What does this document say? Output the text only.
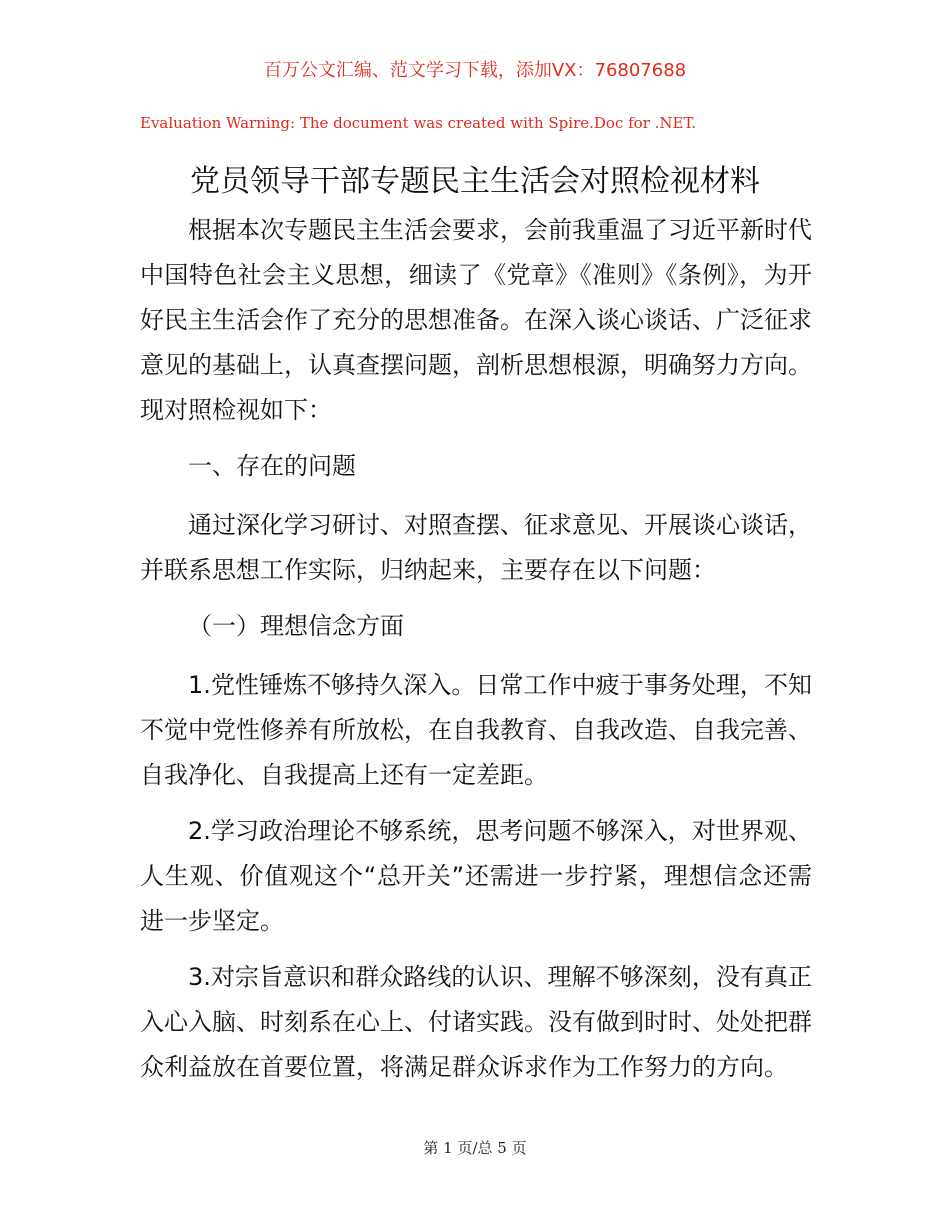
百万公文汇编、范文学习下载，添加VX：76807688
Evaluation Warning: The document was created with Spire.Doc for .NET.
党员领导干部专题民主生活会对照检视材料

根据本次专题民主生活会要求，会前我重温了习近平新时代中国特色社会主义思想，细读了《党章》《准则》《条例》，为开好民主生活会作了充分的思想准备。在深入谈心谈话、广泛征求意见的基础上，认真查摆问题，剖析思想根源，明确努力方向。现对照检视如下：

一、存在的问题

通过深化学习研讨、对照查摆、征求意见、开展谈心谈话，并联系思想工作实际，归纳起来，主要存在以下问题：

（一）理想信念方面

1.党性锤炼不够持久深入。日常工作中疲于事务处理，不知不觉中党性修养有所放松，在自我教育、自我改造、自我完善、自我净化、自我提高上还有一定差距。

2.学习政治理论不够系统，思考问题不够深入，对世界观、人生观、价值观这个“总开关”还需进一步拧紧，理想信念还需进一步坚定。

3.对宗旨意识和群众路线的认识、理解不够深刻，没有真正入心入脑、时刻系在心上、付诸实践。没有做到时时、处处把群众利益放在首要位置，将满足群众诉求作为工作努力的方向。

第 1 页/总 5 页
